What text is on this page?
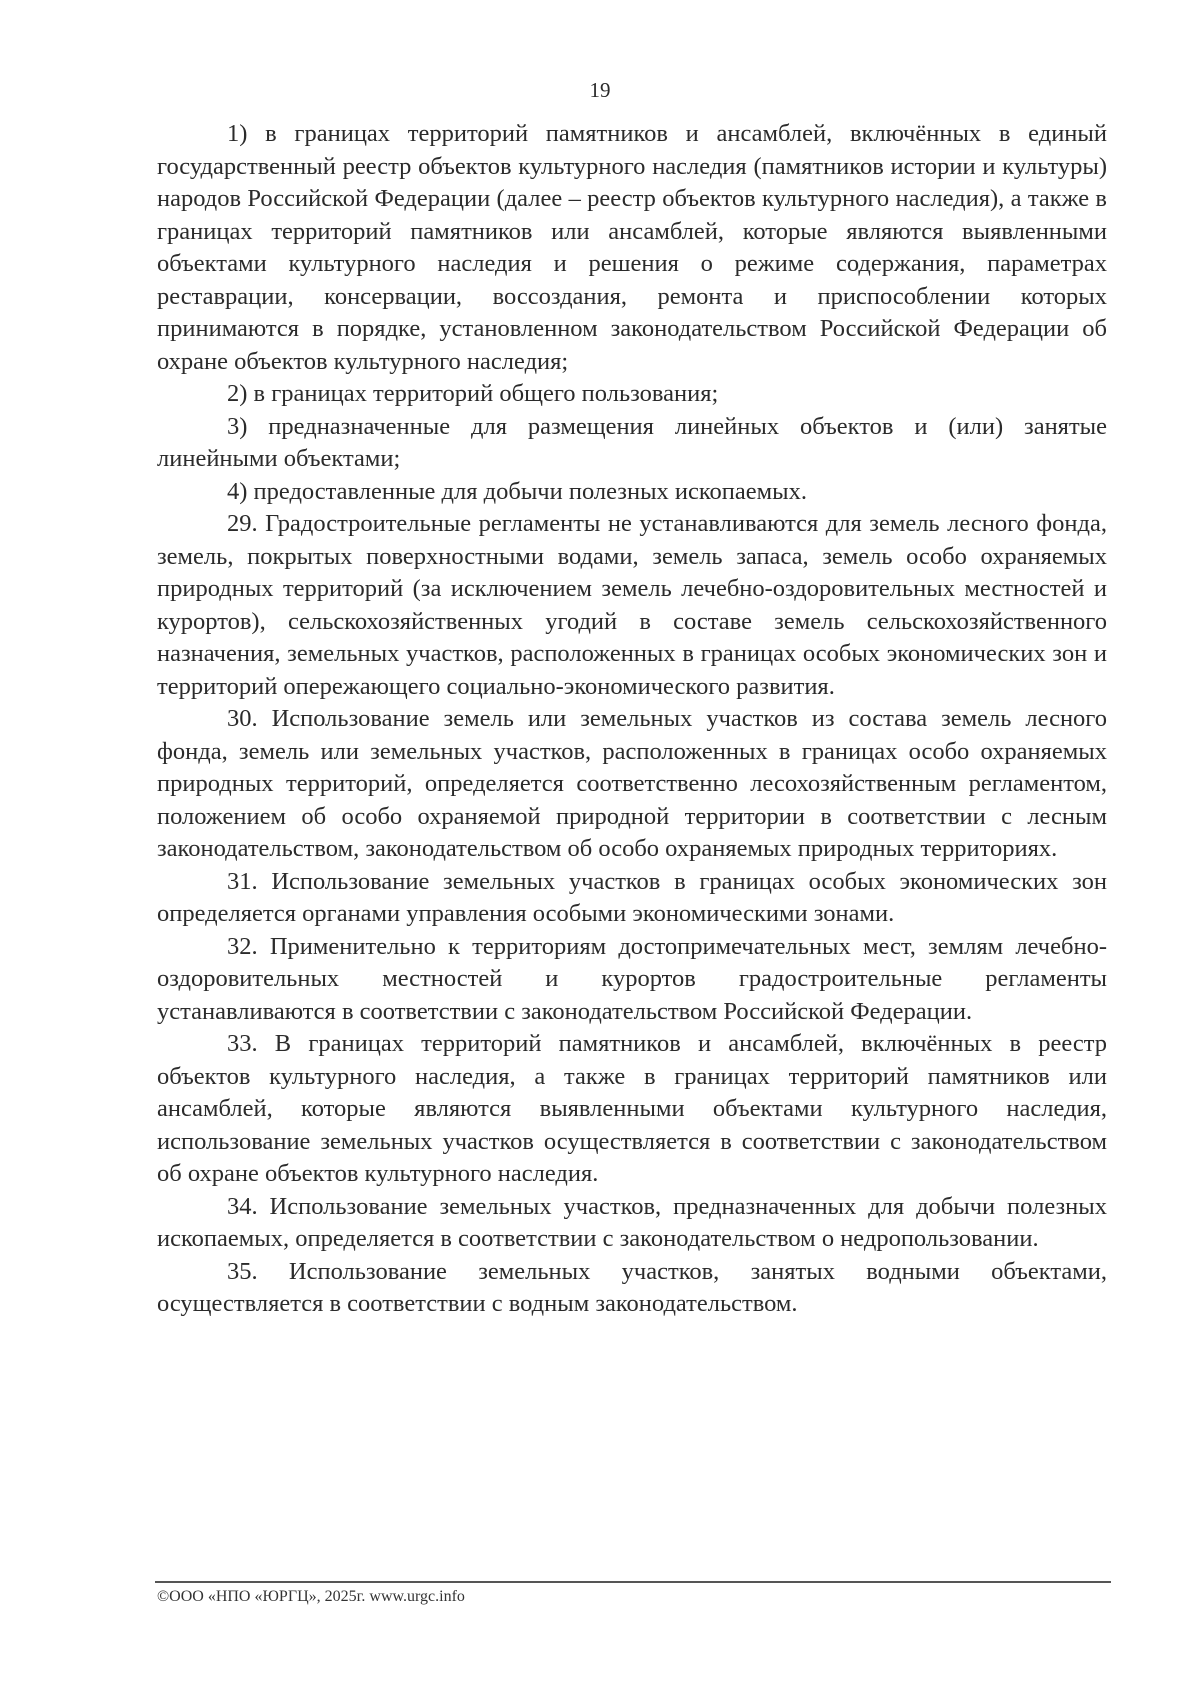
19

1) в границах территорий памятников и ансамблей, включённых в единый государственный реестр объектов культурного наследия (памятников истории и культуры) народов Российской Федерации (далее – реестр объектов культурного наследия), а также в границах территорий памятников или ансамблей, которые являются выявленными объектами культурного наследия и решения о режиме содержания, параметрах реставрации, консервации, воссоздания, ремонта и приспособлении которых принимаются в порядке, установленном законодательством Российской Федерации об охране объектов культурного наследия;

2) в границах территорий общего пользования;

3) предназначенные для размещения линейных объектов и (или) занятые линейными объектами;

4) предоставленные для добычи полезных ископаемых.

29. Градостроительные регламенты не устанавливаются для земель лесного фонда, земель, покрытых поверхностными водами, земель запаса, земель особо охраняемых природных территорий (за исключением земель лечебно-оздоровительных местностей и курортов), сельскохозяйственных угодий в составе земель сельскохозяйственного назначения, земельных участков, расположенных в границах особых экономических зон и территорий опережающего социально-экономического развития.

30. Использование земель или земельных участков из состава земель лесного фонда, земель или земельных участков, расположенных в границах особо охраняемых природных территорий, определяется соответственно лесохозяйственным регламентом, положением об особо охраняемой природной территории в соответствии с лесным законодательством, законодательством об особо охраняемых природных территориях.

31. Использование земельных участков в границах особых экономических зон определяется органами управления особыми экономическими зонами.

32. Применительно к территориям достопримечательных мест, землям лечебно-оздоровительных местностей и курортов градостроительные регламенты устанавливаются в соответствии с законодательством Российской Федерации.

33. В границах территорий памятников и ансамблей, включённых в реестр объектов культурного наследия, а также в границах территорий памятников или ансамблей, которые являются выявленными объектами культурного наследия, использование земельных участков осуществляется в соответствии с законодательством об охране объектов культурного наследия.

34. Использование земельных участков, предназначенных для добычи полезных ископаемых, определяется в соответствии с законодательством о недропользовании.

35. Использование земельных участков, занятых водными объектами, осуществляется в соответствии с водным законодательством.

©ООО «НПО «ЮРГЦ», 2025г. www.urgc.info
